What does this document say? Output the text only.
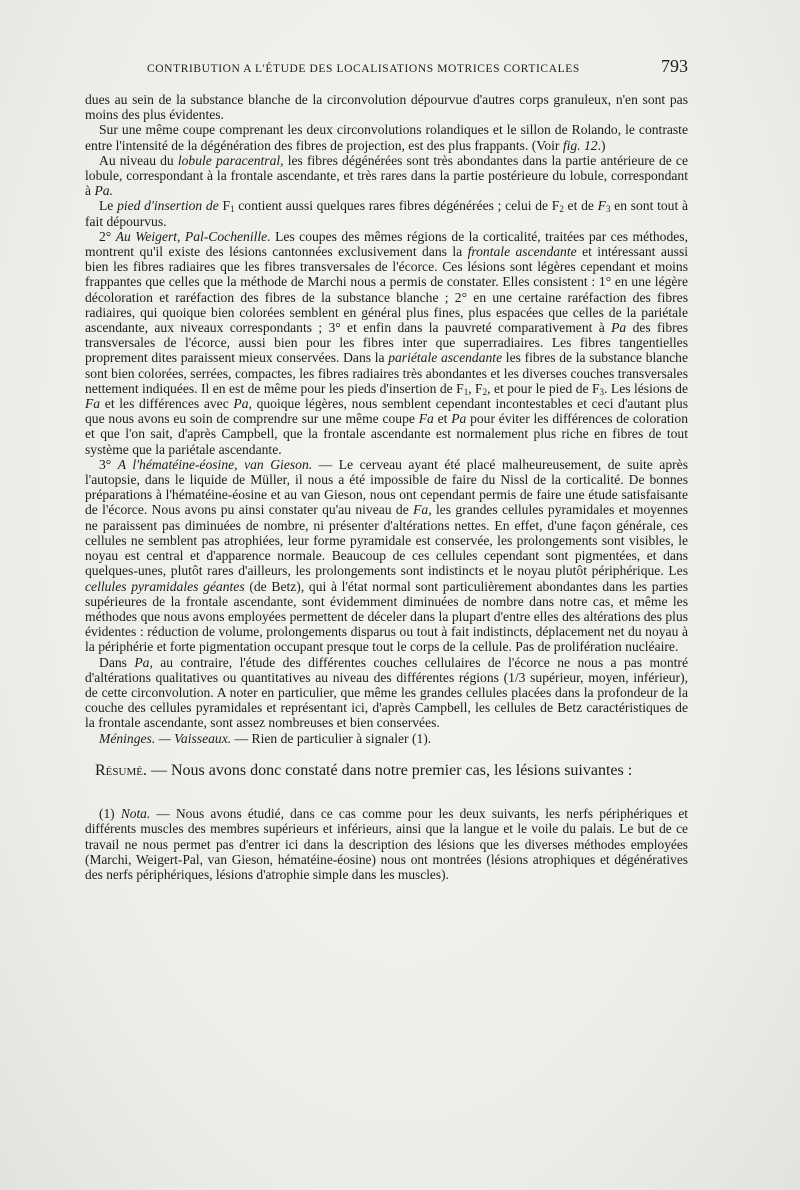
CONTRIBUTION A L'ÉTUDE DES LOCALISATIONS MOTRICES CORTICALES	793

dues au sein de la substance blanche de la circonvolution dépourvue d'autres corps granuleux, n'en sont pas moins des plus évidentes.

Sur une même coupe comprenant les deux circonvolutions rolandiques et le sillon de Rolando, le contraste entre l'intensité de la dégénération des fibres de projection, est des plus frappants. (Voir fig. 12.)

Au niveau du lobule paracentral, les fibres dégénérées sont très abondantes dans la partie antérieure de ce lobule, correspondant à la frontale ascendante, et très rares dans la partie postérieure du lobule, correspondant à Pa.

Le pied d'insertion de $F_1$ contient aussi quelques rares fibres dégénérées ; celui de $F_2$ et de $F_3$ en sont tout à fait dépourvus.

2° Au Weigert, Pal-Cochenille. Les coupes des mêmes régions de la corticalité, traitées par ces méthodes, montrent qu'il existe des lésions cantonnées exclusivement dans la frontale ascendante et intéressant aussi bien les fibres radiaires que les fibres transversales de l'écorce. Ces lésions sont légères cependant et moins frappantes que celles que la méthode de Marchi nous a permis de constater. Elles consistent : 1° en une légère décoloration et raréfaction des fibres de la substance blanche ; 2° en une certaine raréfaction des fibres radiaires, qui quoique bien colorées semblent en général plus fines, plus espacées que celles de la pariétale ascendante, aux niveaux correspondants ; 3° et enfin dans la pauvreté comparativement à Pa des fibres transversales de l'écorce, aussi bien pour les fibres inter que superradiaires. Les fibres tangentielles proprement dites paraissent mieux conservées. Dans la pariétale ascendante les fibres de la substance blanche sont bien colorées, serrées, compactes, les fibres radiaires très abondantes et les diverses couches transversales nettement indiquées. Il en est de même pour les pieds d'insertion de $F_1$, $F_2$, et pour le pied de $F_3$. Les lésions de Fa et les différences avec Pa, quoique légères, nous semblent cependant incontestables et ceci d'autant plus que nous avons eu soin de comprendre sur une même coupe Fa et Pa pour éviter les différences de coloration et que l'on sait, d'après Campbell, que la frontale ascendante est normalement plus riche en fibres de tout système que la pariétale ascendante.

3° A l'hématéine-éosine, van Gieson. — Le cerveau ayant été placé malheureusement, de suite après l'autopsie, dans le liquide de Müller, il nous a été impossible de faire du Nissl de la corticalité. De bonnes préparations à l'hématéine-éosine et au van Gieson, nous ont cependant permis de faire une étude satisfaisante de l'écorce. Nous avons pu ainsi constater qu'au niveau de Fa, les grandes cellules pyramidales et moyennes ne paraissent pas diminuées de nombre, ni présenter d'altérations nettes. En effet, d'une façon générale, ces cellules ne semblent pas atrophiées, leur forme pyramidale est conservée, les prolongements sont visibles, le noyau est central et d'apparence normale. Beaucoup de ces cellules cependant sont pigmentées, et dans quelques-unes, plutôt rares d'ailleurs, les prolongements sont indistincts et le noyau plutôt périphérique. Les cellules pyramidales géantes (de Betz), qui à l'état normal sont particulièrement abondantes dans les parties supérieures de la frontale ascendante, sont évidemment diminuées de nombre dans notre cas, et même les méthodes que nous avons employées permettent de déceler dans la plupart d'entre elles des altérations des plus évidentes : réduction de volume, prolongements disparus ou tout à fait indistincts, déplacement net du noyau à la périphérie et forte pigmentation occupant presque tout le corps de la cellule. Pas de prolifération nucléaire.

Dans Pa, au contraire, l'étude des différentes couches cellulaires de l'écorce ne nous a pas montré d'altérations qualitatives ou quantitatives au niveau des différentes régions (1/3 supérieur, moyen, inférieur), de cette circonvolution. A noter en particulier, que même les grandes cellules placées dans la profondeur de la couche des cellules pyramidales et représentant ici, d'après Campbell, les cellules de Betz caractéristiques de la frontale ascendante, sont assez nombreuses et bien conservées.

Méninges. — Vaisseaux. — Rien de particulier à signaler (1).

Résumé. — Nous avons donc constaté dans notre premier cas, les lésions suivantes :

(1) Nota. — Nous avons étudié, dans ce cas comme pour les deux suivants, les nerfs périphériques et différents muscles des membres supérieurs et inférieurs, ainsi que la langue et le voile du palais. Le but de ce travail ne nous permet pas d'entrer ici dans la description des lésions que les diverses méthodes employées (Marchi, Weigert-Pal, van Gieson, hématéine-éosine) nous ont montrées (lésions atrophiques et dégénératives des nerfs périphériques, lésions d'atrophie simple dans les muscles).
